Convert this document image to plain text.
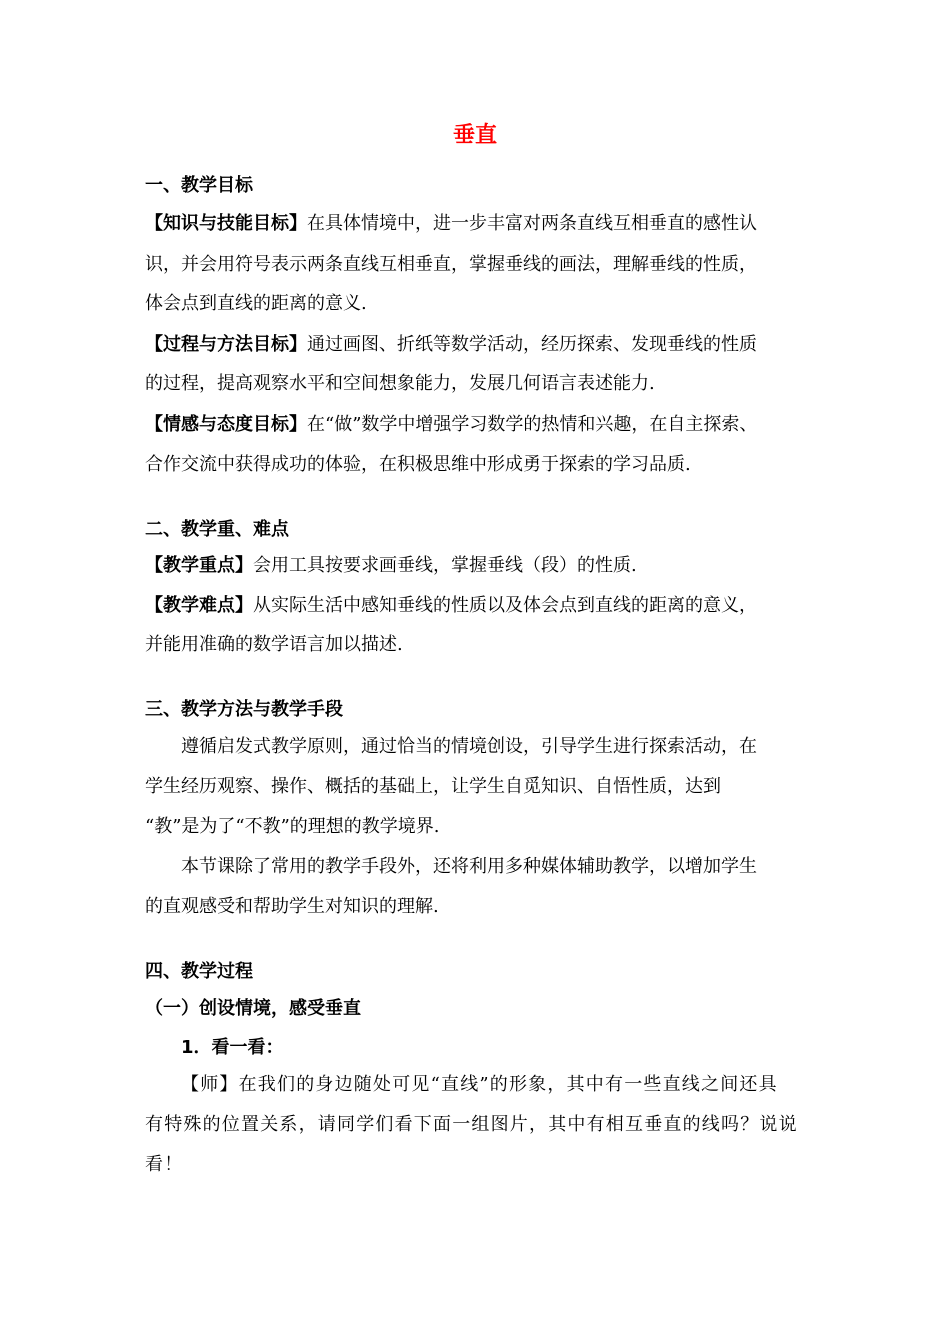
垂直
一、教学目标
【知识与技能目标】在具体情境中，进一步丰富对两条直线互相垂直的感性认
识，并会用符号表示两条直线互相垂直，掌握垂线的画法，理解垂线的性质，
体会点到直线的距离的意义.
【过程与方法目标】通过画图、折纸等数学活动，经历探索、发现垂线的性质
的过程，提高观察水平和空间想象能力，发展几何语言表述能力.
【情感与态度目标】在“做”数学中增强学习数学的热情和兴趣，在自主探索、
合作交流中获得成功的体验，在积极思维中形成勇于探索的学习品质.
二、教学重、难点
【教学重点】会用工具按要求画垂线，掌握垂线（段）的性质.
【教学难点】从实际生活中感知垂线的性质以及体会点到直线的距离的意义，
并能用准确的数学语言加以描述.
三、教学方法与教学手段
遵循启发式教学原则，通过恰当的情境创设，引导学生进行探索活动，在
学生经历观察、操作、概括的基础上，让学生自觅知识、自悟性质，达到
“教”是为了“不教”的理想的教学境界.
本节课除了常用的教学手段外，还将利用多种媒体辅助教学，以增加学生
的直观感受和帮助学生对知识的理解.
四、教学过程
（一）创设情境，感受垂直
1．看一看：
【师】在我们的身边随处可见“直线”的形象，其中有一些直线之间还具
有特殊的位置关系，请同学们看下面一组图片，其中有相互垂直的线吗？说说
看！
